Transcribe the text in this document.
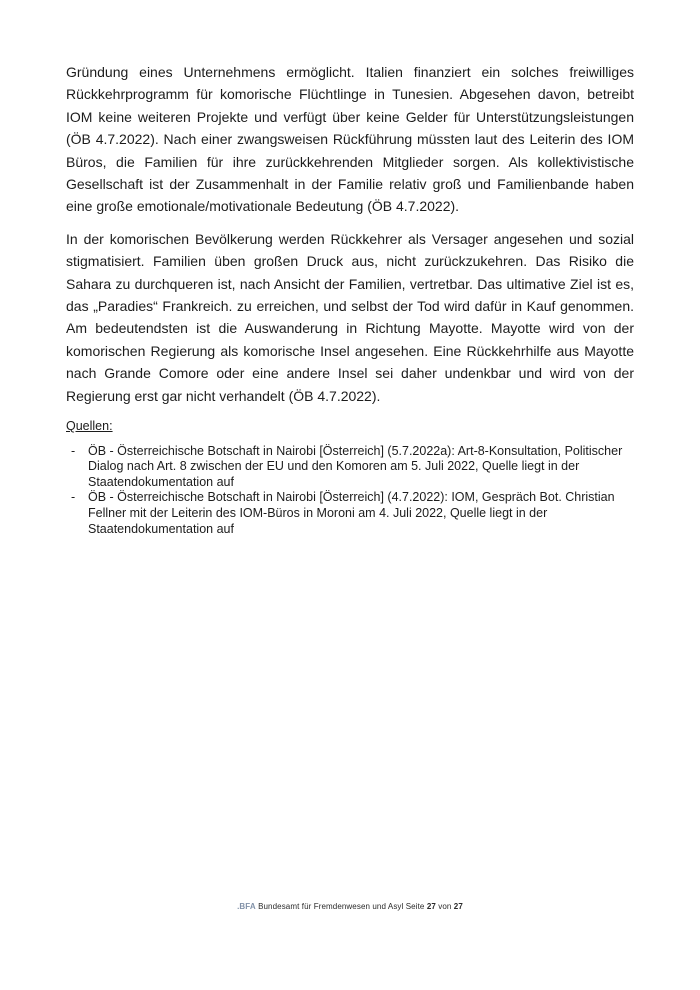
Gründung eines Unternehmens ermöglicht. Italien finanziert ein solches freiwilliges Rückkehrprogramm für komorische Flüchtlinge in Tunesien. Abgesehen davon, betreibt IOM keine weiteren Projekte und verfügt über keine Gelder für Unterstützungsleistungen (ÖB 4.7.2022). Nach einer zwangsweisen Rückführung müssten laut des Leiterin des IOM Büros, die Familien für ihre zurückkehrenden Mitglieder sorgen. Als kollektivistische Gesellschaft ist der Zusammenhalt in der Familie relativ groß und Familienbande haben eine große emotionale/motivationale Bedeutung (ÖB 4.7.2022).

In der komorischen Bevölkerung werden Rückkehrer als Versager angesehen und sozial stigmatisiert. Familien üben großen Druck aus, nicht zurückzukehren. Das Risiko die Sahara zu durchqueren ist, nach Ansicht der Familien, vertretbar. Das ultimative Ziel ist es, das „Paradies“ Frankreich. zu erreichen, und selbst der Tod wird dafür in Kauf genommen. Am bedeutendsten ist die Auswanderung in Richtung Mayotte. Mayotte wird von der komorischen Regierung als komorische Insel angesehen. Eine Rückkehrhilfe aus Mayotte nach Grande Comore oder eine andere Insel sei daher undenkbar und wird von der Regierung erst gar nicht verhandelt (ÖB 4.7.2022).

Quellen:
-	ÖB - Österreichische Botschaft in Nairobi [Österreich] (5.7.2022a): Art-8-Konsultation, Politischer Dialog nach Art. 8 zwischen der EU und den Komoren am 5. Juli 2022, Quelle liegt in der Staatendokumentation auf
-	ÖB - Österreichische Botschaft in Nairobi [Österreich] (4.7.2022): IOM, Gespräch Bot. Christian Fellner mit der Leiterin des IOM-Büros in Moroni am 4. Juli 2022, Quelle liegt in der Staatendokumentation auf
.BFA Bundesamt für Fremdenwesen und Asyl Seite 27 von 27
